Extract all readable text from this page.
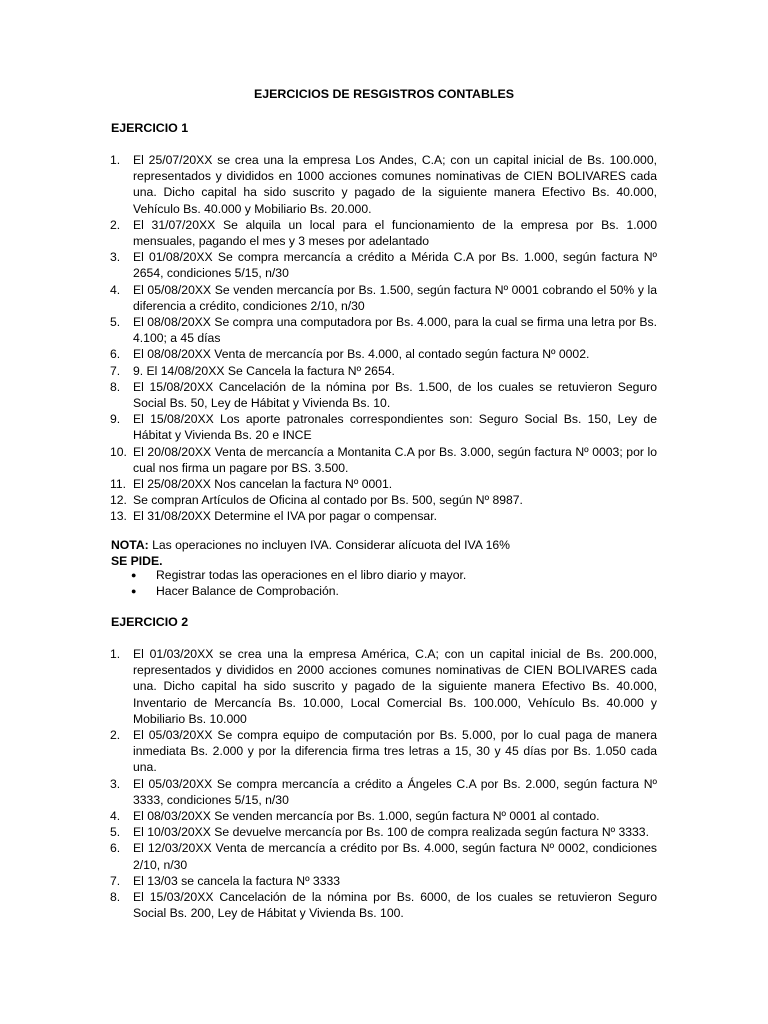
EJERCICIOS DE RESGISTROS CONTABLES
EJERCICIO 1
1. El 25/07/20XX se crea una la empresa Los Andes, C.A; con un capital inicial de Bs. 100.000, representados y divididos en 1000 acciones comunes nominativas de CIEN BOLIVARES cada una. Dicho capital ha sido suscrito y pagado de la siguiente manera Efectivo Bs. 40.000, Vehículo Bs. 40.000 y Mobiliario Bs. 20.000.
2. El 31/07/20XX Se alquila un local para el funcionamiento de la empresa por Bs. 1.000 mensuales, pagando el mes y 3 meses por adelantado
3. El 01/08/20XX Se compra mercancía a crédito a Mérida C.A por Bs. 1.000, según factura Nº 2654, condiciones 5/15, n/30
4. El 05/08/20XX Se venden mercancía por Bs. 1.500, según factura Nº 0001 cobrando el 50% y la diferencia a crédito, condiciones 2/10, n/30
5. El 08/08/20XX Se compra una computadora por Bs. 4.000, para la cual se firma una letra por Bs. 4.100; a 45 días
6. El 08/08/20XX Venta de mercancía por Bs. 4.000, al contado según factura Nº 0002.
7. 9. El 14/08/20XX Se Cancela la factura Nº 2654.
8. El 15/08/20XX Cancelación de la nómina por Bs. 1.500, de los cuales se retuvieron Seguro Social Bs. 50, Ley de Hábitat y Vivienda Bs. 10.
9. El 15/08/20XX Los aporte patronales correspondientes son: Seguro Social Bs. 150, Ley de Hábitat y Vivienda Bs. 20 e INCE
10. El 20/08/20XX Venta de mercancía a Montanita C.A por Bs. 3.000, según factura Nº 0003; por lo cual nos firma un pagare por BS. 3.500.
11. El 25/08/20XX Nos cancelan la factura Nº 0001.
12. Se compran Artículos de Oficina al contado por Bs. 500, según Nº 8987.
13. El 31/08/20XX Determine el IVA por pagar o compensar.
NOTA: Las operaciones no incluyen IVA. Considerar alícuota del IVA 16%
SE PIDE.
● Registrar todas las operaciones en el libro diario y mayor.
● Hacer Balance de Comprobación.
EJERCICIO 2
1. El 01/03/20XX se crea una la empresa América, C.A; con un capital inicial de Bs. 200.000, representados y divididos en 2000 acciones comunes nominativas de CIEN BOLIVARES cada una. Dicho capital ha sido suscrito y pagado de la siguiente manera Efectivo Bs. 40.000, Inventario de Mercancía Bs. 10.000, Local Comercial Bs. 100.000, Vehículo Bs. 40.000 y Mobiliario Bs. 10.000
2. El 05/03/20XX Se compra equipo de computación por Bs. 5.000, por lo cual paga de manera inmediata Bs. 2.000 y por la diferencia firma tres letras a 15, 30 y 45 días por Bs. 1.050 cada una.
3. El 05/03/20XX Se compra mercancía a crédito a Ángeles C.A por Bs. 2.000, según factura Nº 3333, condiciones 5/15, n/30
4. El 08/03/20XX Se venden mercancía por Bs. 1.000, según factura Nº 0001 al contado.
5. El 10/03/20XX Se devuelve mercancía por Bs. 100 de compra realizada según factura Nº 3333.
6. El 12/03/20XX Venta de mercancía a crédito por Bs. 4.000, según factura Nº 0002, condiciones 2/10, n/30
7. El 13/03 se cancela la factura Nº 3333
8. El 15/03/20XX Cancelación de la nómina por Bs. 6000, de los cuales se retuvieron Seguro Social Bs. 200, Ley de Hábitat y Vivienda Bs. 100.
